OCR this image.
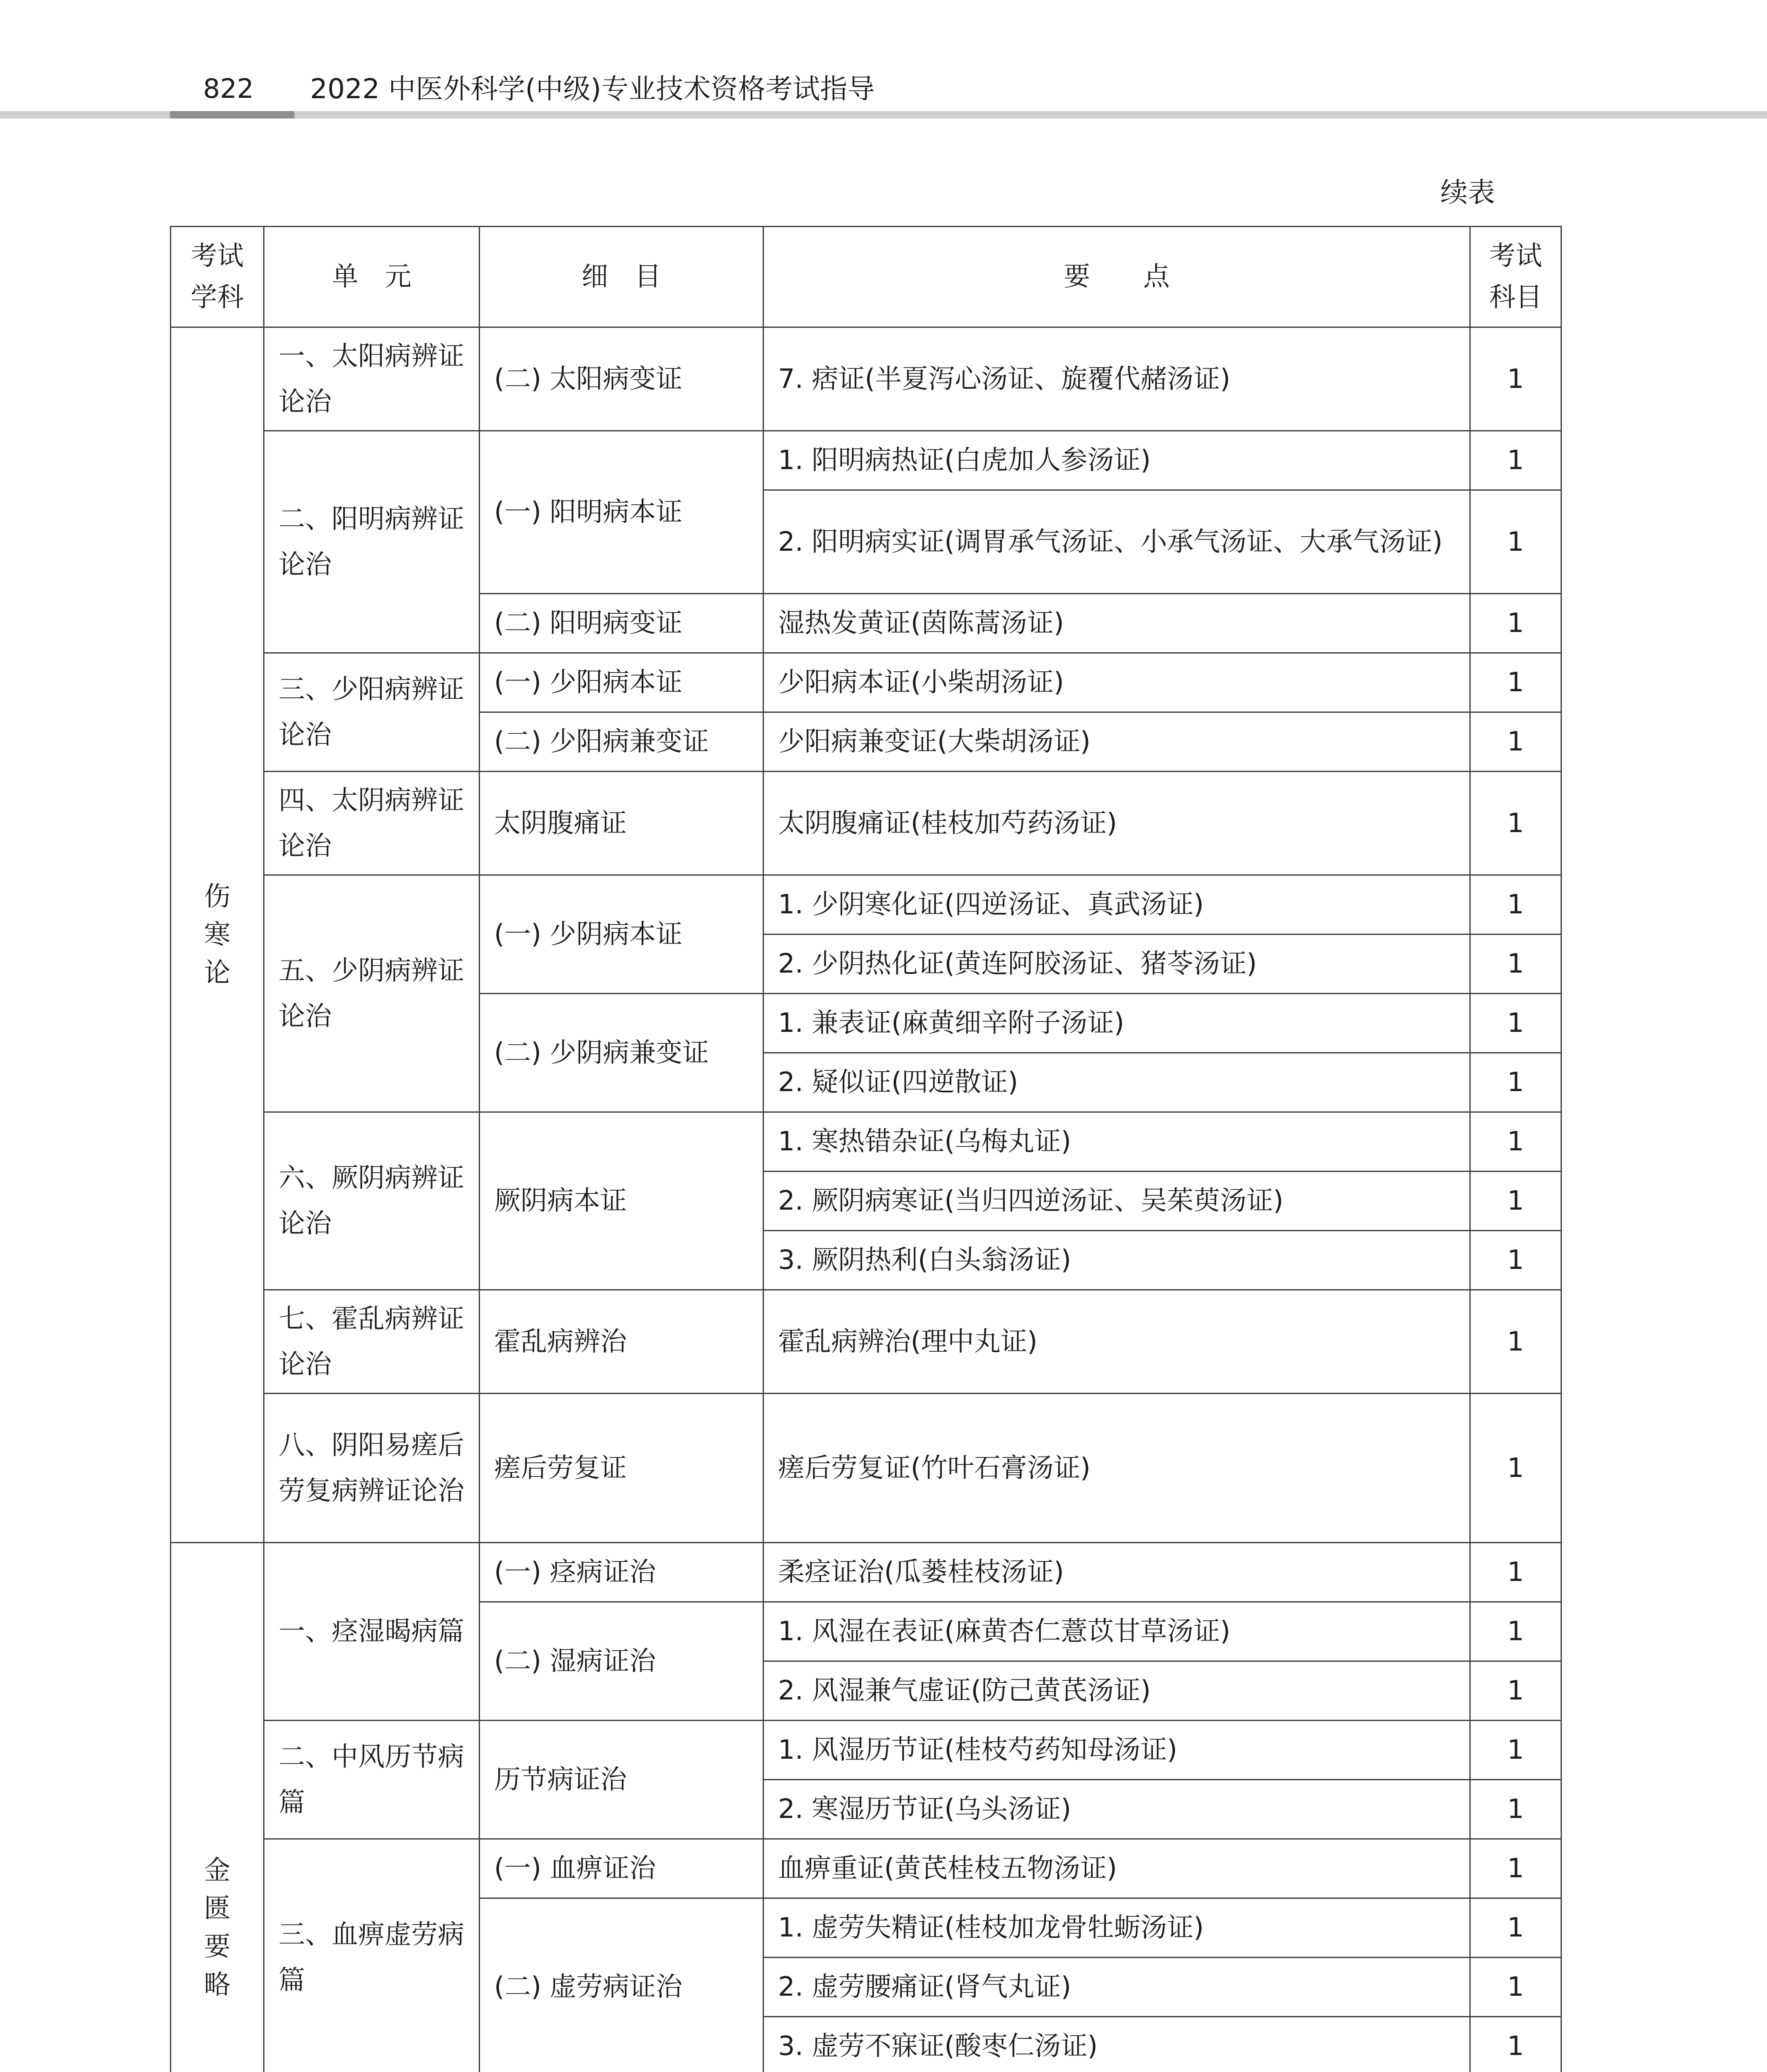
822 2022 中医外科学(中级)专业技术资格考试指导
续表
考试学科	单　元	细　目	要　　点	考试科目
伤寒论	一、太阳病辨证论治	(二) 太阳病变证	7. 痞证(半夏泻心汤证、旋覆代赭汤证)	1
	二、阳明病辨证论治	(一) 阳明病本证	1. 阳明病热证(白虎加人参汤证)	1
			2. 阳明病实证(调胃承气汤证、小承气汤证、大承气汤证)	1
		(二) 阳明病变证	湿热发黄证(茵陈蒿汤证)	1
	三、少阳病辨证论治	(一) 少阳病本证	少阳病本证(小柴胡汤证)	1
		(二) 少阳病兼变证	少阳病兼变证(大柴胡汤证)	1
	四、太阴病辨证论治	太阴腹痛证	太阴腹痛证(桂枝加芍药汤证)	1
	五、少阴病辨证论治	(一) 少阴病本证	1. 少阴寒化证(四逆汤证、真武汤证)	1
			2. 少阴热化证(黄连阿胶汤证、猪苓汤证)	1
		(二) 少阴病兼变证	1. 兼表证(麻黄细辛附子汤证)	1
			2. 疑似证(四逆散证)	1
	六、厥阴病辨证论治	厥阴病本证	1. 寒热错杂证(乌梅丸证)	1
			2. 厥阴病寒证(当归四逆汤证、吴茱萸汤证)	1
			3. 厥阴热利(白头翁汤证)	1
	七、霍乱病辨证论治	霍乱病辨治	霍乱病辨治(理中丸证)	1
	八、阴阳易瘥后劳复病辨证论治	瘥后劳复证	瘥后劳复证(竹叶石膏汤证)	1
金匮要略	一、痉湿暍病篇	(一) 痉病证治	柔痉证治(瓜蒌桂枝汤证)	1
		(二) 湿病证治	1. 风湿在表证(麻黄杏仁薏苡甘草汤证)	1
			2. 风湿兼气虚证(防己黄芪汤证)	1
	二、中风历节病篇	历节病证治	1. 风湿历节证(桂枝芍药知母汤证)	1
			2. 寒湿历节证(乌头汤证)	1
	三、血痹虚劳病篇	(一) 血痹证治	血痹重证(黄芪桂枝五物汤证)	1
		(二) 虚劳病证治	1. 虚劳失精证(桂枝加龙骨牡蛎汤证)	1
			2. 虚劳腰痛证(肾气丸证)	1
			3. 虚劳不寐证(酸枣仁汤证)	1
